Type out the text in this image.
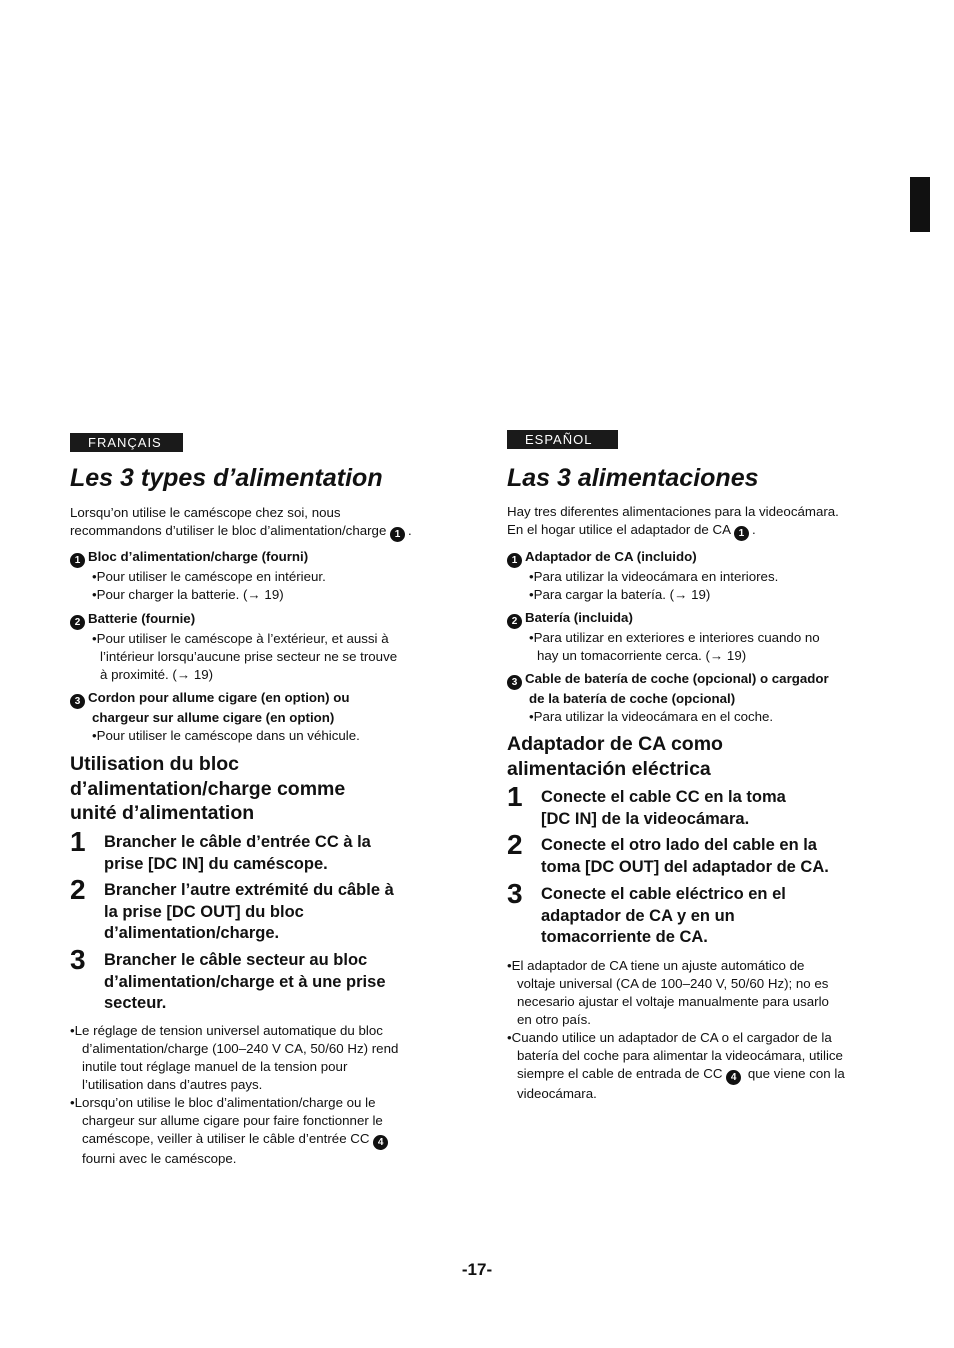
FRANÇAIS
Les 3 types d’alimentation
Lorsqu’on utilise le caméscope chez soi, nous
recommandons d’utiliser le bloc d’alimentation/charge 1 .
1 Bloc d’alimentation/charge (fourni)
•Pour utiliser le caméscope en intérieur.
•Pour charger la batterie. (→ 19)
2 Batterie (fournie)
•Pour utiliser le caméscope à l’extérieur, et aussi à
l’intérieur lorsqu’aucune prise secteur ne se trouve
à proximité. (→ 19)
3 Cordon pour allume cigare (en option) ou
chargeur sur allume cigare (en option)
•Pour utiliser le caméscope dans un véhicule.
Utilisation du bloc
d’alimentation/charge comme
unité d’alimentation
1 Brancher le câble d’entrée CC à la
prise [DC IN] du caméscope.
2 Brancher l’autre extrémité du câble à
la prise [DC OUT] du bloc
d’alimentation/charge.
3 Brancher le câble secteur au bloc
d’alimentation/charge et à une prise
secteur.
•Le réglage de tension universel automatique du bloc
d’alimentation/charge (100–240 V CA, 50/60 Hz) rend
inutile tout réglage manuel de la tension pour
l’utilisation dans d’autres pays.
•Lorsqu’on utilise le bloc d’alimentation/charge ou le
chargeur sur allume cigare pour faire fonctionner le
caméscope, veiller à utiliser le câble d’entrée CC 4
fourni avec le caméscope.
ESPAÑOL
Las 3 alimentaciones
Hay tres diferentes alimentaciones para la videocámara.
En el hogar utilice el adaptador de CA 1 .
1 Adaptador de CA (incluido)
•Para utilizar la videocámara en interiores.
•Para cargar la batería. (→ 19)
2 Batería (incluida)
•Para utilizar en exteriores e interiores cuando no
hay un tomacorriente cerca. (→ 19)
3 Cable de batería de coche (opcional) o cargador
de la batería de coche (opcional)
•Para utilizar la videocámara en el coche.
Adaptador de CA como
alimentación eléctrica
1 Conecte el cable CC en la toma
[DC IN] de la videocámara.
2 Conecte el otro lado del cable en la
toma [DC OUT] del adaptador de CA.
3 Conecte el cable eléctrico en el
adaptador de CA y en un
tomacorriente de CA.
•El adaptador de CA tiene un ajuste automático de
voltaje universal (CA de 100–240 V, 50/60 Hz); no es
necesario ajustar el voltaje manualmente para usarlo
en otro país.
•Cuando utilice un adaptador de CA o el cargador de la
batería del coche para alimentar la videocámara, utilice
siempre el cable de entrada de CC 4 que viene con la
videocámara.
-17-
